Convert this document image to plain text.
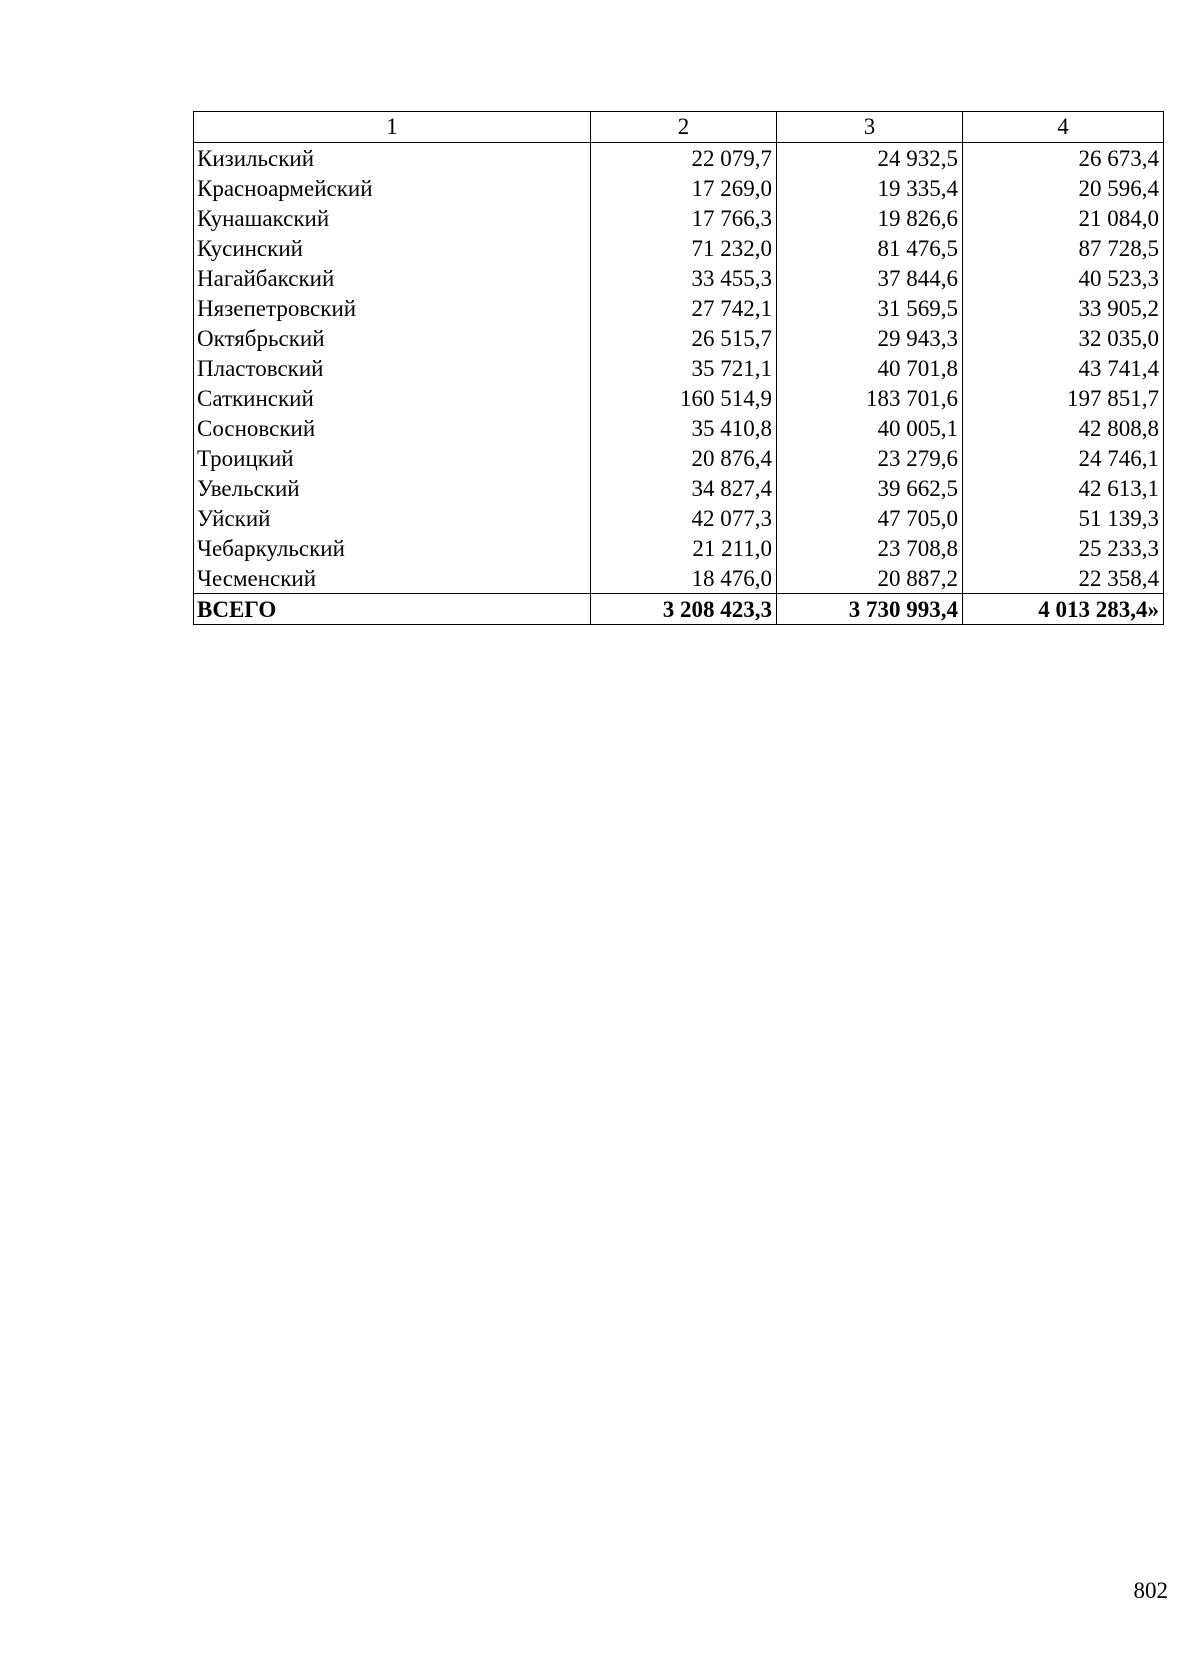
1	2	3	4
Кизильский	22 079,7	24 932,5	26 673,4
Красноармейский	17 269,0	19 335,4	20 596,4
Кунашакский	17 766,3	19 826,6	21 084,0
Кусинский	71 232,0	81 476,5	87 728,5
Нагайбакский	33 455,3	37 844,6	40 523,3
Нязепетровский	27 742,1	31 569,5	33 905,2
Октябрьский	26 515,7	29 943,3	32 035,0
Пластовский	35 721,1	40 701,8	43 741,4
Саткинский	160 514,9	183 701,6	197 851,7
Сосновский	35 410,8	40 005,1	42 808,8
Троицкий	20 876,4	23 279,6	24 746,1
Увельский	34 827,4	39 662,5	42 613,1
Уйский	42 077,3	47 705,0	51 139,3
Чебаркульский	21 211,0	23 708,8	25 233,3
Чесменский	18 476,0	20 887,2	22 358,4
ВСЕГО	3 208 423,3	3 730 993,4	4 013 283,4»
802
